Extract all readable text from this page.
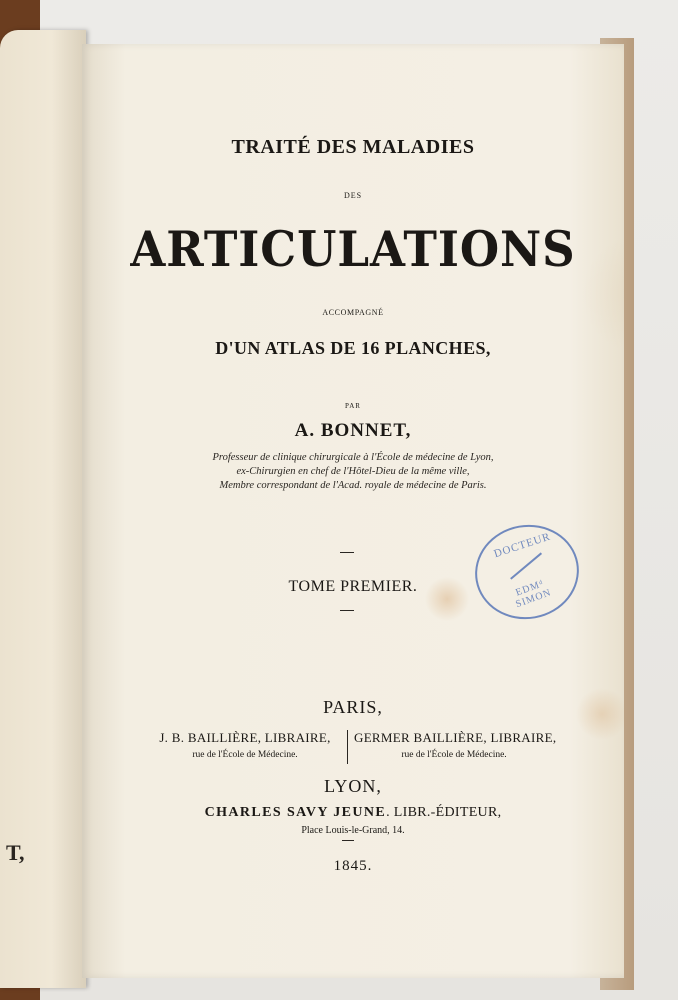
T,
TRAITÉ DES MALADIES
DES
ARTICULATIONS
ACCOMPAGNÉ
D'UN ATLAS DE 16 PLANCHES,
PAR
A. BONNET,
Professeur de clinique chirurgicale à l'École de médecine de Lyon,
ex-Chirurgien en chef de l'Hôtel-Dieu de la même ville,
Membre correspondant de l'Acad. royale de médecine de Paris.
TOME PREMIER.
PARIS,
J. B. BAILLIÈRE, LIBRAIRE,
rue de l'École de Médecine.
GERMER BAILLIÈRE, LIBRAIRE,
rue de l'École de Médecine.
LYON,
CHARLES SAVY JEUNE. LIBR.-ÉDITEUR,
Place Louis-le-Grand, 14.
1845.
DOCTEUR
EDMᵈ SIMON
